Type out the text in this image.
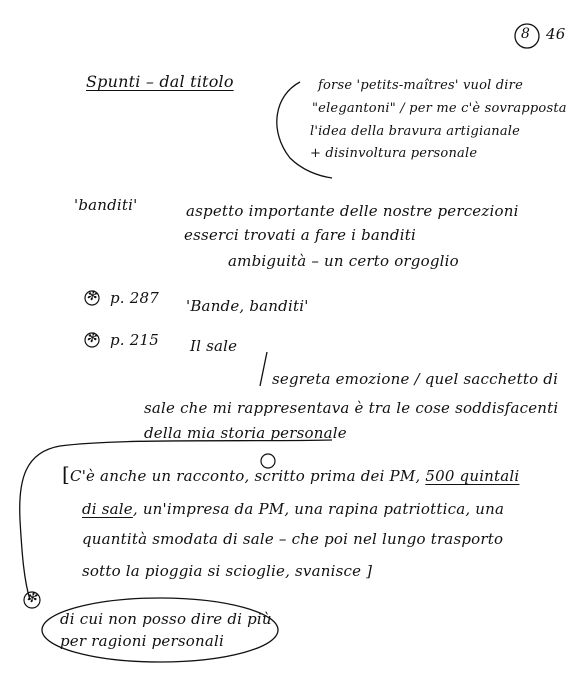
8 46
Spunti – dal titolo	forse 'petits-maîtres' vuol dire
"elegantoni" / per me c'è sovrapposta
l'idea della bravura artigianale
+ disinvoltura personale
'banditi'	aspetto importante delle nostre percezioni
esserci trovati a fare i banditi
ambiguità – un certo orgoglio
✻ p. 287 'Bande, banditi'
✻ p. 215 Il sale
segreta emozione / quel sacchetto di
sale che mi rappresentava è tra le cose soddisfacenti
della mia storia personale
[C'è anche un racconto, scritto prima dei PM, 500 quintali
di sale, un'impresa da PM, una rapina patriottica, una
quantità smodata di sale – che poi nel lungo trasporto
sotto la pioggia si scioglie, svanisce ]
✻
di cui non posso dire di più
per ragioni personali
